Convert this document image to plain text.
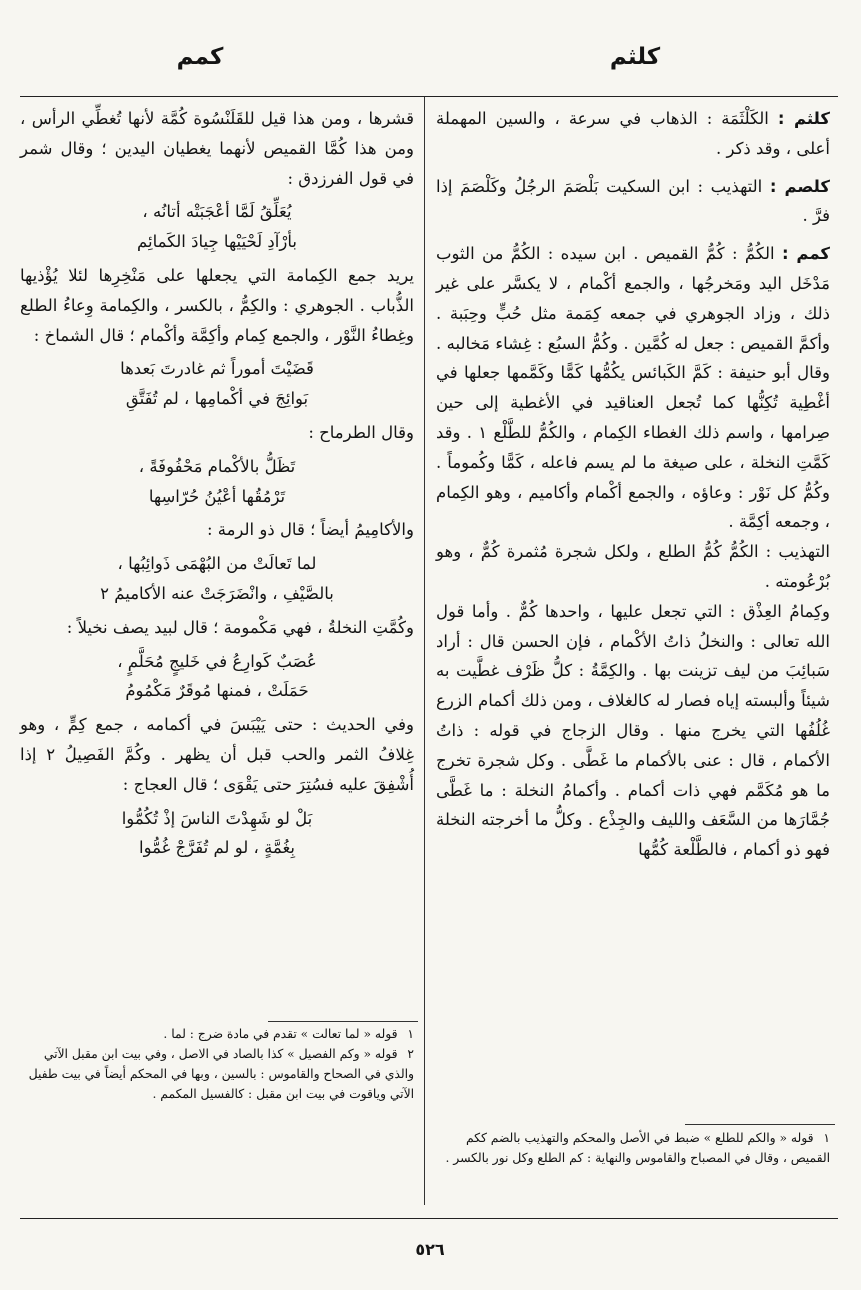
كلثم
كمم

كلثم : الكَلْثَمَة : الذهاب في سرعة ، والسين المهملة أعلى ، وقد ذكر .

كلصم : التهذيب : ابن السكيت بَلْصَمَ الرجُلُ وكَلْصَمَ إذا فرَّ .

كمم : الكُمُّ : كُمُّ القميص . ابن سيده : الكُمُّ من الثوب مَدْخَل اليد ومَخرجُها ، والجمع أكْمام ، لا يكسَّر على غير ذلك ، وزاد الجوهري في جمعه كِمَمة مثل حُبٍّ وحِبَبة . وأكمَّ القميص : جعل له كُمَّين . وكُمُّ السبُع : غِشاء مَخالبه . وقال أبو حنيفة : كَمَّ الكَبائس يكُمُّها كَمًّا وكَمَّمها جعلها في أغْطِية تُكِنُّها كما تُجعل العناقيد في الأغطية إلى حين صِرامها ، واسم ذلك الغطاء الكِمام ، والكُمُّ للطَّلْع ١ . وقد كَمَّتِ النخلة ، على صيغة ما لم يسم فاعله ، كَمًّا وكُموماً . وكُمُّ كل نَوْر : وعاؤه ، والجمع أكْمام وأكاميم ، وهو الكِمام ، وجمعه أكِمَّة .

التهذيب : الكُمُّ كُمُّ الطلع ، ولكل شجرة مُثمرة كُمٌّ ، وهو بُرْعُومته .

وكِمامُ العِذْق : التي تجعل عليها ، واحدها كُمٌّ . وأما قول الله تعالى : والنخلُ ذاتُ الأكْمام ، فإن الحسن قال : أراد سَبائِبَ من ليف تزينت بها . والكِمَّةُ : كلُّ ظَرْف غطَّيت به شيئاً وألبسته إياه فصار له كالغلاف ، ومن ذلك أكمام الزرع غُلُفُها التي يخرج منها . وقال الزجاج في قوله : ذاتُ الأكمام ، قال : عنى بالأكمام ما غَطَّى . وكل شجرة تخرج ما هو مُكَمَّم فهي ذات أكمام . وأكمامُ النخلة : ما غَطَّى جُمَّارَها من السَّعَف والليف والجِذْع . وكلُّ ما أخرجته النخلة فهو ذو أكمام ، فالطَّلْعة كُمُّها

قشرها ، ومن هذا قيل للقَلَنْسُوة كُمَّة لأنها تُغطِّي الرأس ، ومن هذا كُمَّا القميص لأنهما يغطيان اليدين ؛ وقال شمر في قول الفرزدق :

يُعَلِّقُ لَمَّا أعْجَبَتْه أتانُه ،
بأرْآدِ لَحْيَيْها جِيادَ الكَمائِم

يريد جمع الكِمامة التي يجعلها على مَنْخِرِها لئلا يُؤْذيها الذُّباب . الجوهري : والكِمُّ ، بالكسر ، والكِمامة وِعاءُ الطلع وغِطاءُ النَّوْر ، والجمع كِمام وأكِمَّة وأكْمام ؛ قال الشماخ :

قَضَيْتَ أموراً ثم غادرتَ بَعدها
بَوائِجَ في أكْمامِها ، لم تُفَتَّقِ

وقال الطرماح :

تَظَلُّ بالأكْمام مَحْفُوفَةً ،
تَرْمُقُها أعْيُنُ حُرّاسِها

والأكامِيمُ أيضاً ؛ قال ذو الرمة :

لما تَعالَتْ من البُهْمَى ذَوائِبُها ،
بالصَّيْفِ ، وانْضَرَجَتْ عنه الأكاميمُ ٢

وكُمَّتِ النخلةُ ، فهي مَكْمومة ؛ قال لبيد يصف نخيلاً :

عُصَبٌ كَوارِعُ في خَليجٍ مُحَلَّمٍ ،
حَمَلَتْ ، فمنها مُوقَرٌ مَكْمُومُ

وفي الحديث : حتى يَيْبَسَ في أكمامه ، جمع كِمٍّ ، وهو غِلافُ الثمر والحب قبل أن يظهر . وكُمَّ الفَصِيلُ ٢ إذا أُشْفِقَ عليه فسُتِرَ حتى يَقْوَى ؛ قال العجاج :

بَلْ لو شَهِدْتَ الناسَ إذْ تُكُمُّوا
بِغُمَّةٍ ، لو لم تُفَرَّجْ غُمُّوا

١ قوله « والكم للطلع » ضبط في الأصل والمحكم والتهذيب بالضم ككم القميص ، وقال في المصباح والقاموس والنهاية : كم الطلع وكل نور بالكسر .

١ قوله « لما تعالت » تقدم في مادة ضرج : لما .

٢ قوله « وكم الفصيل » كذا بالصاد في الاصل ، وفي بيت ابن مقبل الآتي والذي في الصحاح والقاموس : بالسين ، وبها في المحكم أيضاً في بيت طفيل الآتي وياقوت في بيت ابن مقبل : كالفسيل المكمم .

٥٢٦
